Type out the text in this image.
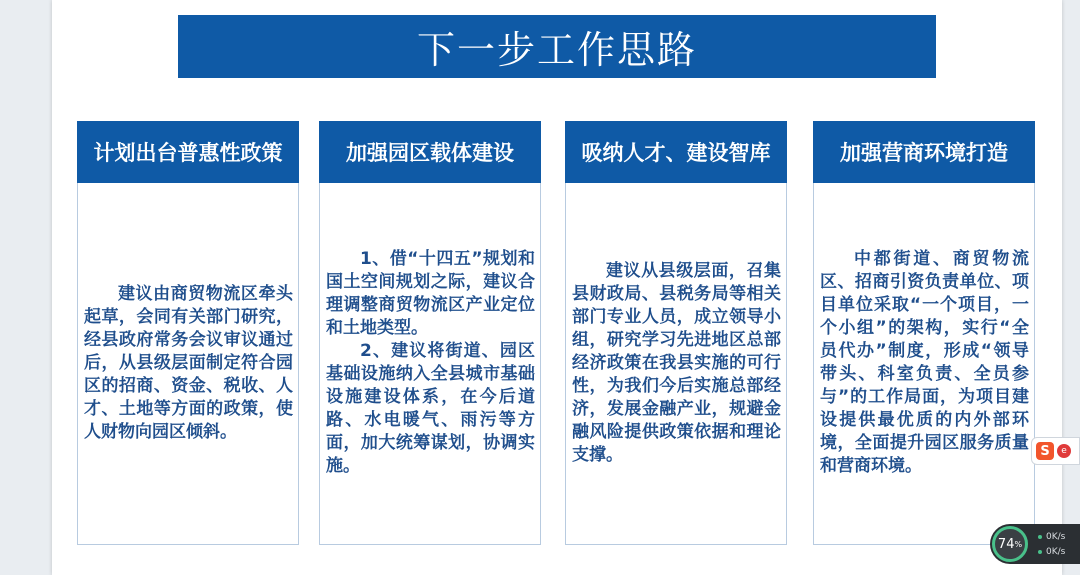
下一步工作思路
计划出台普惠性政策

建议由商贸物流区牵头起草，会同有关部门研究，经县政府常务会议审议通过后，从县级层面制定符合园区的招商、资金、税收、人才、土地等方面的政策，使人财物向园区倾斜。

加强园区载体建设

1、借“十四五”规划和国土空间规划之际，建议合理调整商贸物流区产业定位和土地类型。

2、建议将街道、园区基础设施纳入全县城市基础设施建设体系，在今后道路、水电暖气、雨污等方面，加大统筹谋划，协调实施。

吸纳人才、建设智库

建议从县级层面，召集县财政局、县税务局等相关部门专业人员，成立领导小组，研究学习先进地区总部经济政策在我县实施的可行性，为我们今后实施总部经济，发展金融产业，规避金融风险提供政策依据和理论支撑。

加强营商环境打造

中都街道、商贸物流区、招商引资负责单位、项目单位采取“一个项目，一个小组”的架构，实行“全员代办”制度，形成“领导带头、科室负责、全员参与”的工作局面，为项目建设提供最优质的内外部环境，全面提升园区服务质量和营商环境。

S	e
74 %
0K/s
0K/s
